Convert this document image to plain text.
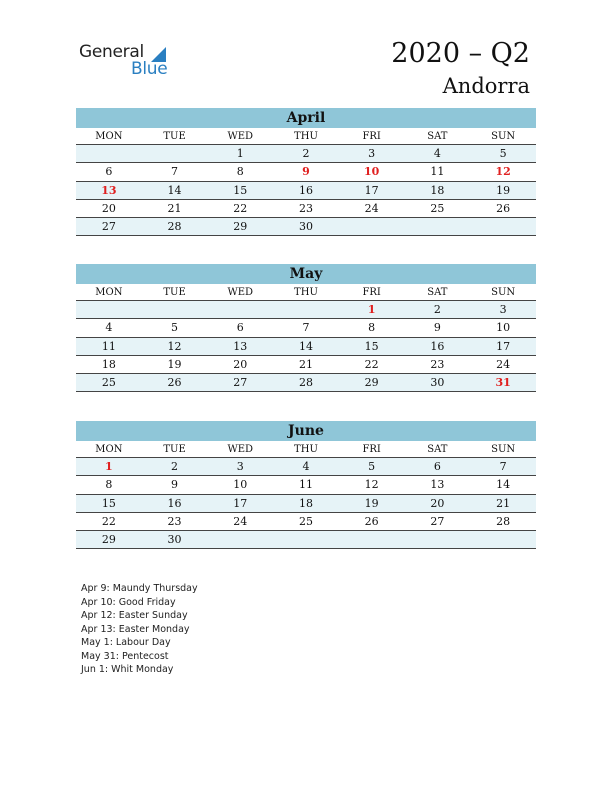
General
Blue	2020 – Q2
Andorra
April
MON	TUE	WED	THU	FRI	SAT	SUN
		1	2	3	4	5
6	7	8	9	10	11	12
13	14	15	16	17	18	19
20	21	22	23	24	25	26
27	28	29	30			
May
MON	TUE	WED	THU	FRI	SAT	SUN
				1	2	3
4	5	6	7	8	9	10
11	12	13	14	15	16	17
18	19	20	21	22	23	24
25	26	27	28	29	30	31
June
MON	TUE	WED	THU	FRI	SAT	SUN
1	2	3	4	5	6	7
8	9	10	11	12	13	14
15	16	17	18	19	20	21
22	23	24	25	26	27	28
29	30					
Apr 9: Maundy Thursday
Apr 10: Good Friday
Apr 12: Easter Sunday
Apr 13: Easter Monday
May 1: Labour Day
May 31: Pentecost
Jun 1: Whit Monday
